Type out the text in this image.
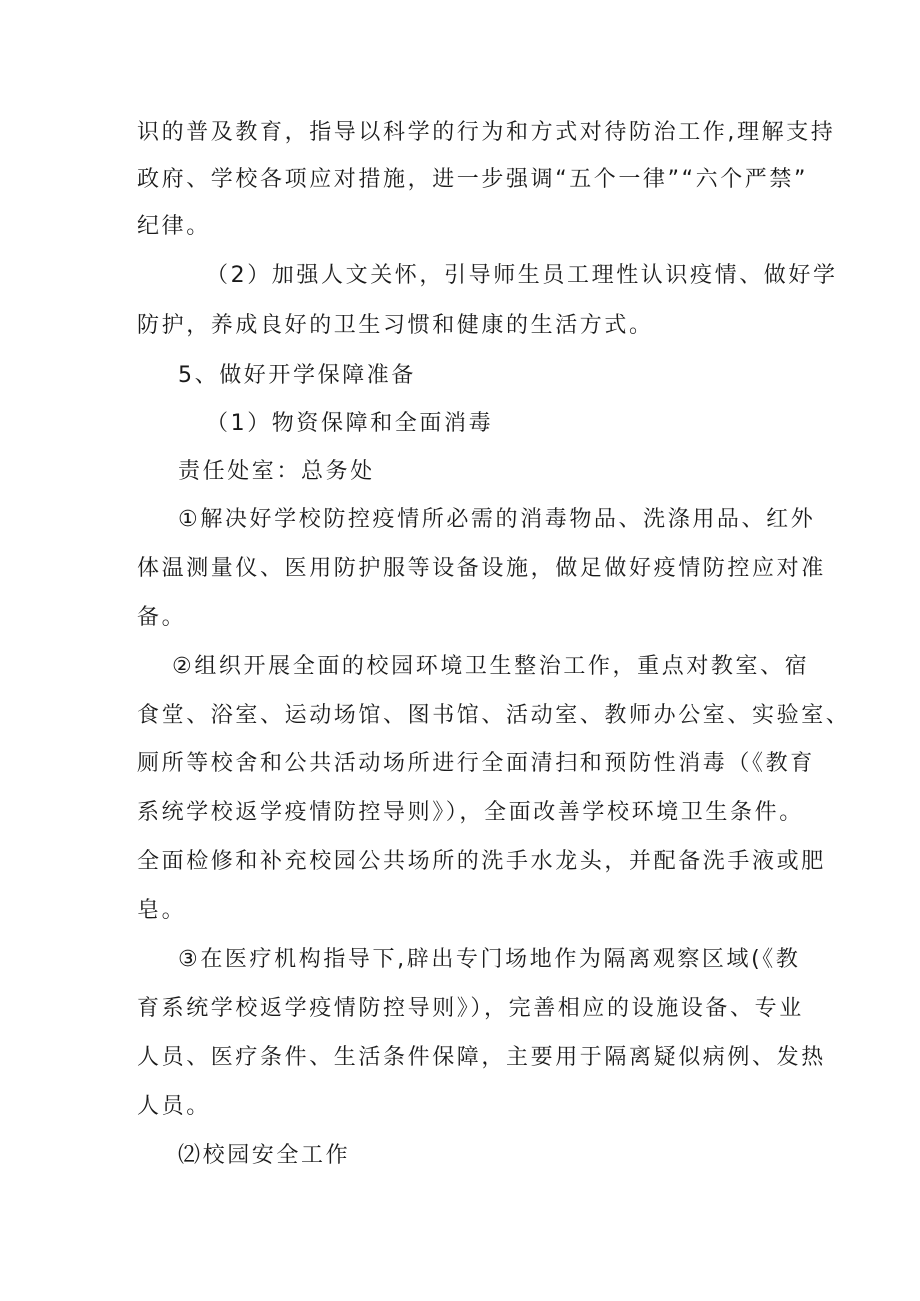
识的普及教育，指导以科学的行为和方式对待防治工作,理解支持
政府、学校各项应对措施，进一步强调“五个一律”“六个严禁”
纪律。
（2）加强人文关怀，引导师生员工理性认识疫情、做好学
防护，养成良好的卫生习惯和健康的生活方式。
5、做好开学保障准备
（1）物资保障和全面消毒
责任处室：总务处
①解决好学校防控疫情所必需的消毒物品、洗涤用品、红外
体温测量仪、医用防护服等设备设施，做足做好疫情防控应对准
备。
②组织开展全面的校园环境卫生整治工作，重点对教室、宿
食堂、浴室、运动场馆、图书馆、活动室、教师办公室、实验室、
厕所等校舍和公共活动场所进行全面清扫和预防性消毒（《教育
系统学校返学疫情防控导则》），全面改善学校环境卫生条件。
全面检修和补充校园公共场所的洗手水龙头，并配备洗手液或肥
皂。
③在医疗机构指导下,辟出专门场地作为隔离观察区域(《教
育系统学校返学疫情防控导则》），完善相应的设施设备、专业
人员、医疗条件、生活条件保障，主要用于隔离疑似病例、发热
人员。
⑵校园安全工作
